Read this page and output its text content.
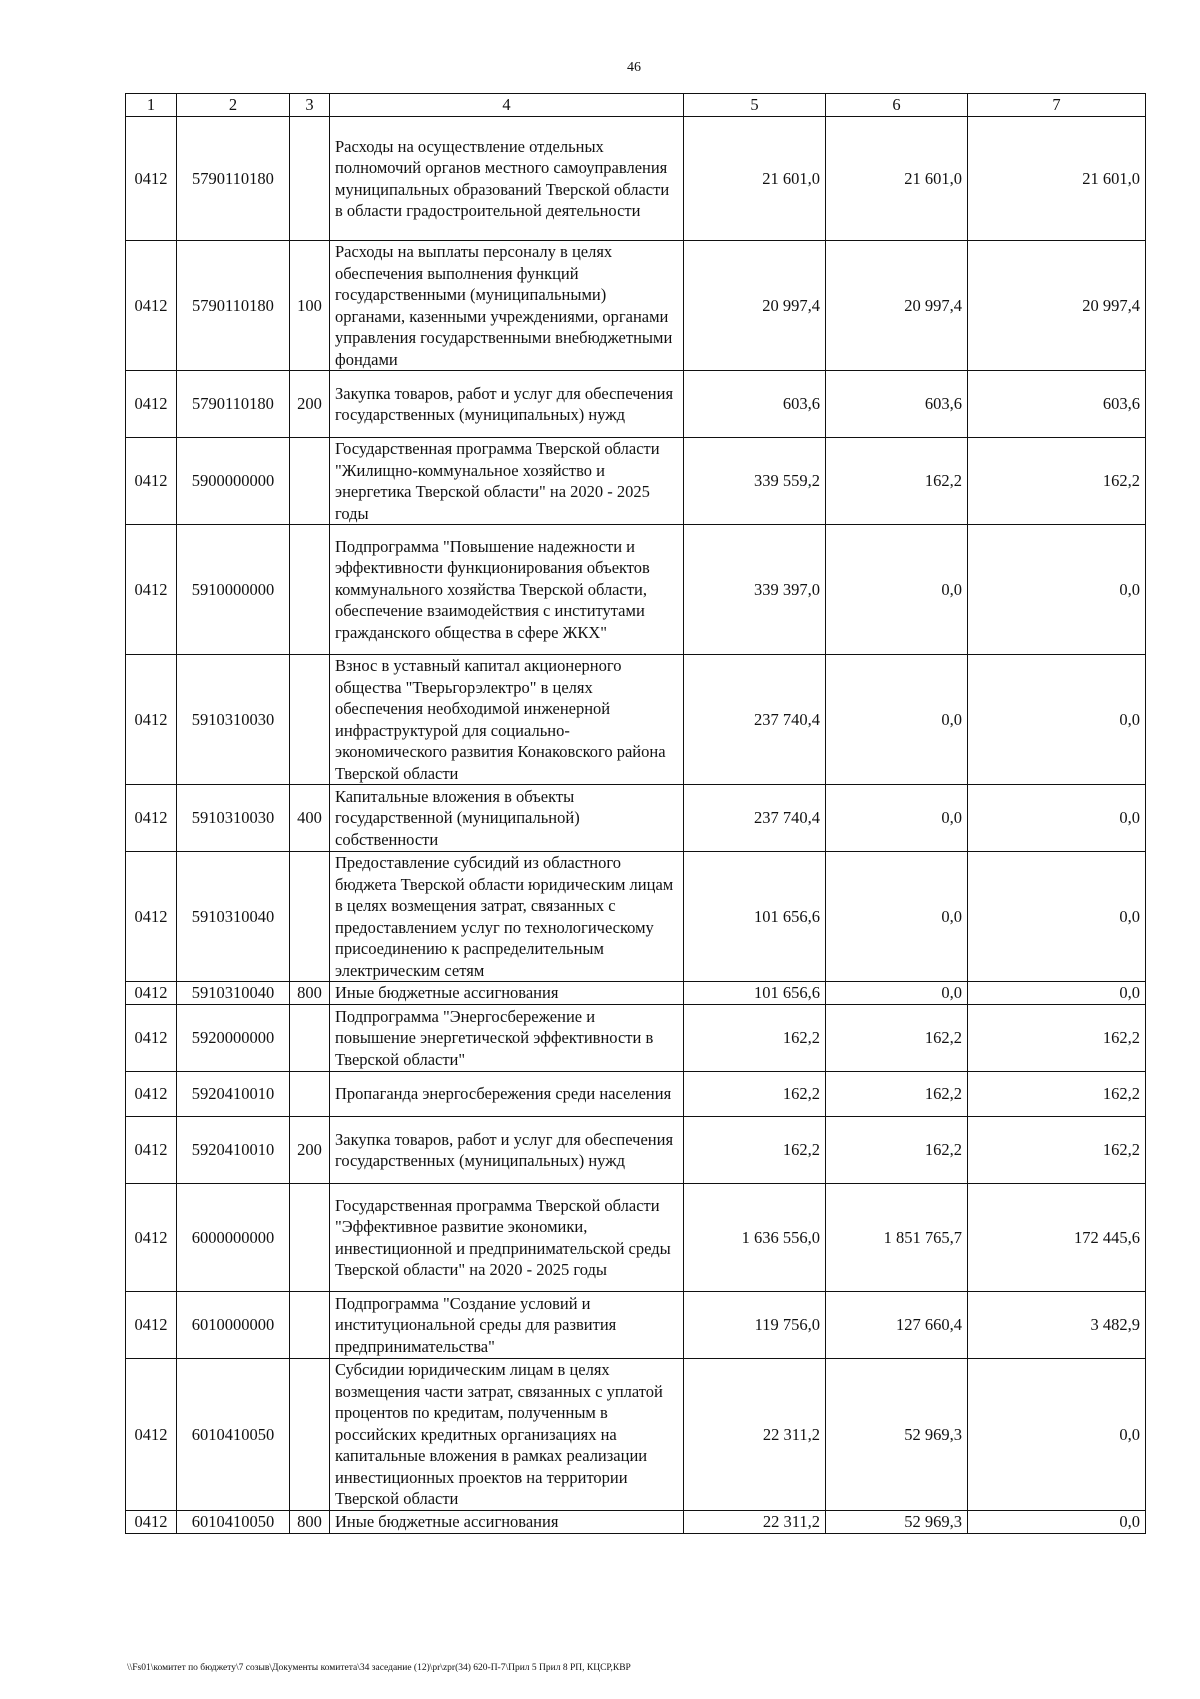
46
1	2	3	4	5	6	7
0412	5790110180		Расходы на осуществление отдельных полномочий органов местного самоуправления муниципальных образований Тверской области в области градостроительной деятельности	21 601,0	21 601,0	21 601,0
0412	5790110180	100	Расходы на выплаты персоналу в целях обеспечения выполнения функций государственными (муниципальными) органами, казенными учреждениями, органами управления государственными внебюджетными фондами	20 997,4	20 997,4	20 997,4
0412	5790110180	200	Закупка товаров, работ и услуг для обеспечения государственных (муниципальных) нужд	603,6	603,6	603,6
0412	5900000000		Государственная программа Тверской области "Жилищно-коммунальное хозяйство и энергетика Тверской области" на 2020 - 2025 годы	339 559,2	162,2	162,2
0412	5910000000		Подпрограмма "Повышение надежности и эффективности функционирования объектов коммунального хозяйства Тверской области, обеспечение взаимодействия с институтами гражданского общества в сфере ЖКХ"	339 397,0	0,0	0,0
0412	5910310030		Взнос в уставный капитал акционерного общества "Тверьгорэлектро" в целях обеспечения необходимой инженерной инфраструктурой для социально-экономического развития Конаковского района Тверской области	237 740,4	0,0	0,0
0412	5910310030	400	Капитальные вложения в объекты государственной (муниципальной) собственности	237 740,4	0,0	0,0
0412	5910310040		Предоставление субсидий из областного бюджета Тверской области юридическим лицам в целях возмещения затрат, связанных с предоставлением услуг по технологическому присоединению к распределительным электрическим сетям	101 656,6	0,0	0,0
0412	5910310040	800	Иные бюджетные ассигнования	101 656,6	0,0	0,0
0412	5920000000		Подпрограмма "Энергосбережение и повышение энергетической эффективности в Тверской области"	162,2	162,2	162,2
0412	5920410010		Пропаганда энергосбережения среди населения	162,2	162,2	162,2
0412	5920410010	200	Закупка товаров, работ и услуг для обеспечения государственных (муниципальных) нужд	162,2	162,2	162,2
0412	6000000000		Государственная программа Тверской области "Эффективное развитие экономики, инвестиционной и предпринимательской среды Тверской области" на 2020 - 2025 годы	1 636 556,0	1 851 765,7	172 445,6
0412	6010000000		Подпрограмма "Создание условий и институциональной среды для развития предпринимательства"	119 756,0	127 660,4	3 482,9
0412	6010410050		Субсидии юридическим лицам в целях возмещения части затрат, связанных с уплатой процентов по кредитам, полученным в российских кредитных организациях на капитальные вложения в рамках реализации инвестиционных проектов на территории Тверской области	22 311,2	52 969,3	0,0
0412	6010410050	800	Иные бюджетные ассигнования	22 311,2	52 969,3	0,0
\\Fs01\комитет по бюджету\7 созыв\Документы комитета\34 заседание (12)\pr\zpr(34) 620-П-7\Прил 5 Прил 8 РП, КЦСР,КВР
